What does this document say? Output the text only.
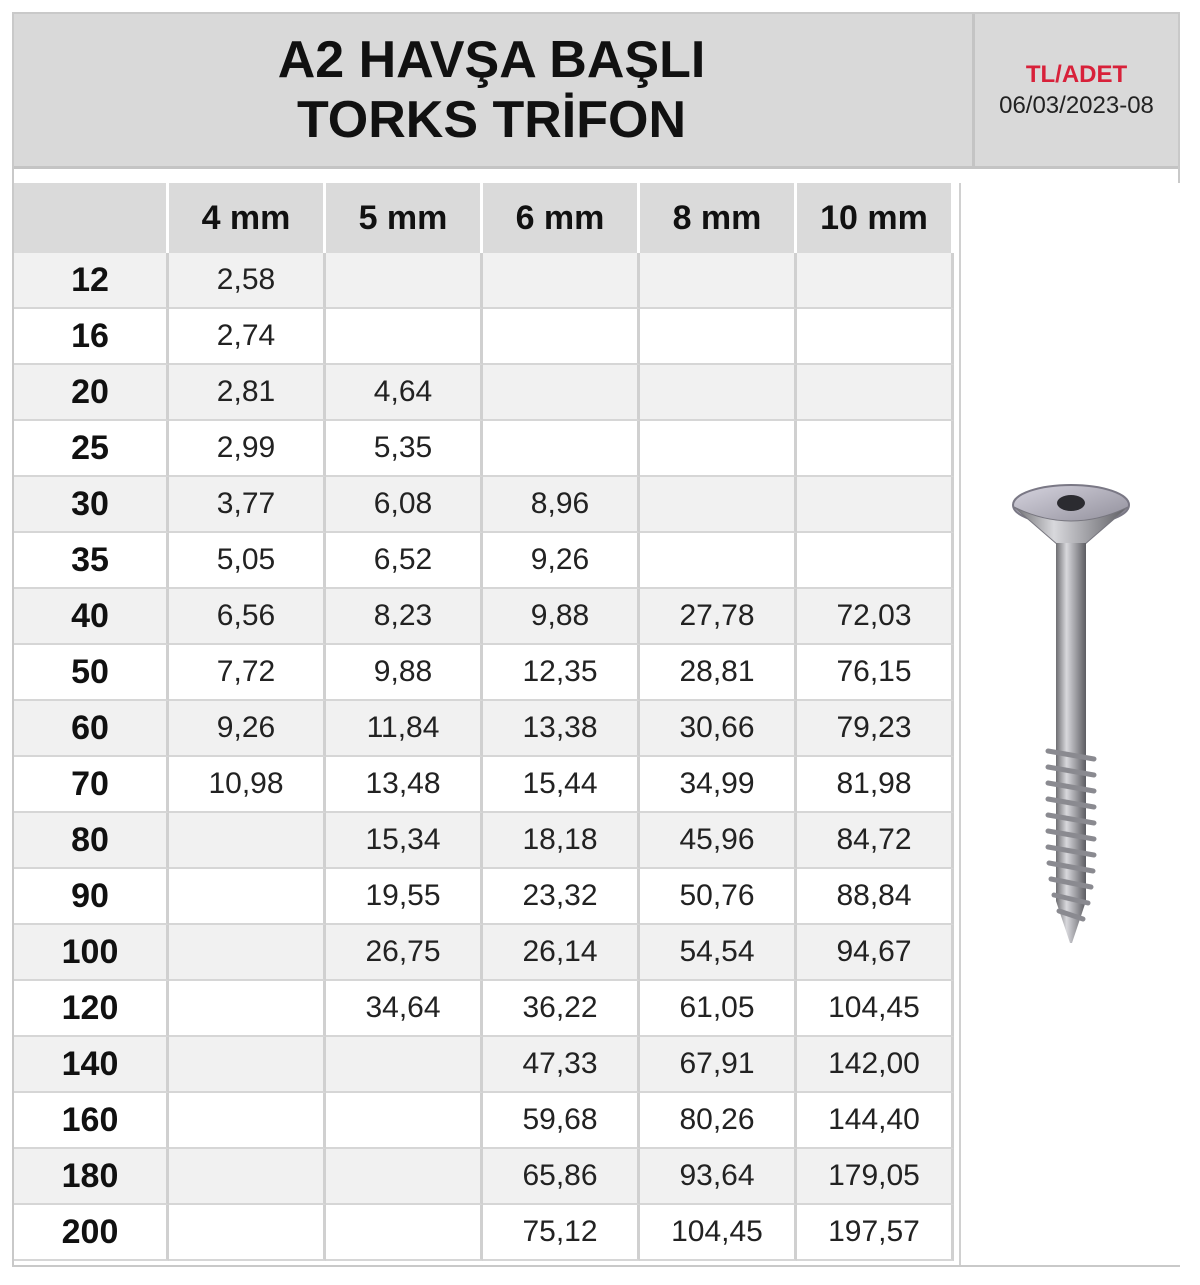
A2 HAVŞA BAŞLI
TORKS TRİFON
TL/ADET
06/03/2023-08
	4 mm	5 mm	6 mm	8 mm	10 mm
12	2,58				
16	2,74				
20	2,81	4,64			
25	2,99	5,35			
30	3,77	6,08	8,96		
35	5,05	6,52	9,26		
40	6,56	8,23	9,88	27,78	72,03
50	7,72	9,88	12,35	28,81	76,15
60	9,26	11,84	13,38	30,66	79,23
70	10,98	13,48	15,44	34,99	81,98
80		15,34	18,18	45,96	84,72
90		19,55	23,32	50,76	88,84
100		26,75	26,14	54,54	94,67
120		34,64	36,22	61,05	104,45
140			47,33	67,91	142,00
160			59,68	80,26	144,40
180			65,86	93,64	179,05
200			75,12	104,45	197,57
